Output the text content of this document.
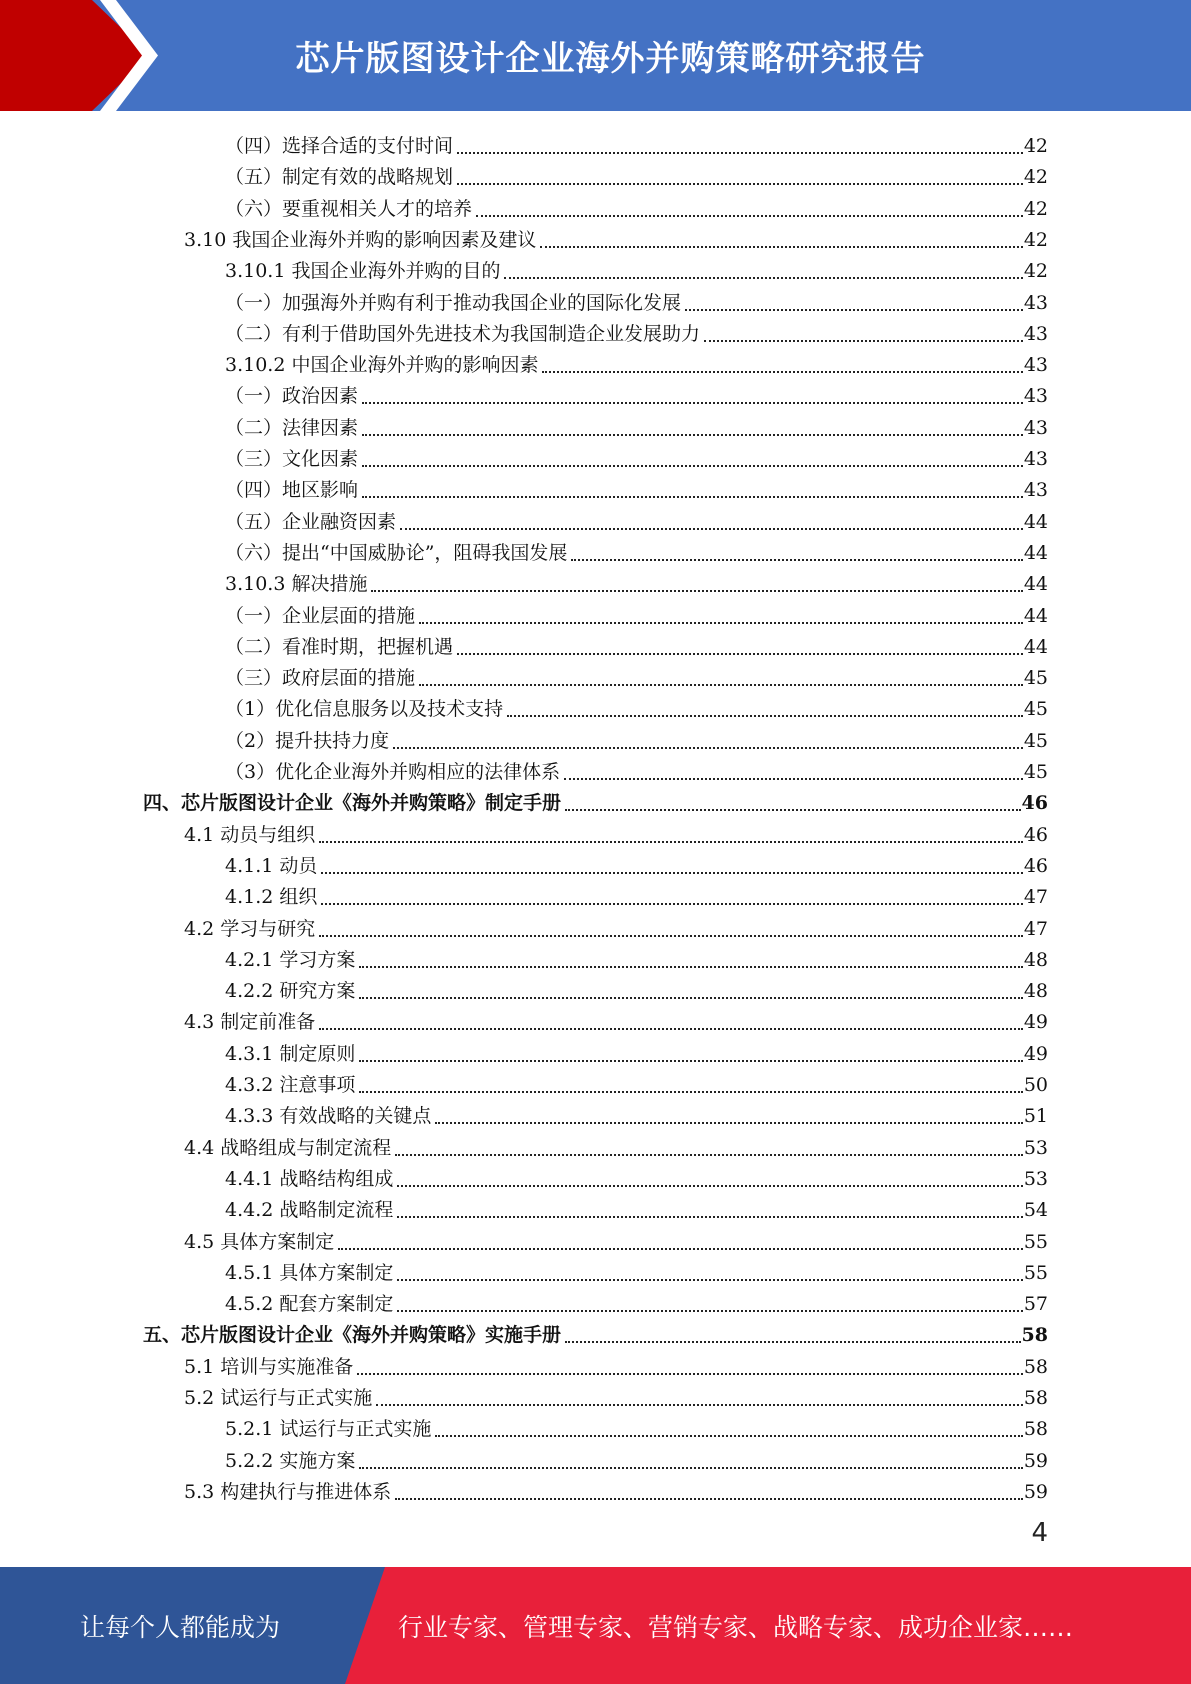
芯片版图设计企业海外并购策略研究报告
（四）选择合适的支付时间	42
（五）制定有效的战略规划	42
（六）要重视相关人才的培养	42
3.10 我国企业海外并购的影响因素及建议	42
3.10.1 我国企业海外并购的目的	42
（一）加强海外并购有利于推动我国企业的国际化发展	43
（二）有利于借助国外先进技术为我国制造企业发展助力	43
3.10.2 中国企业海外并购的影响因素	43
（一）政治因素	43
（二）法律因素	43
（三）文化因素	43
（四）地区影响	43
（五）企业融资因素	44
（六）提出“中国威胁论”，阻碍我国发展	44
3.10.3 解决措施	44
（一）企业层面的措施	44
（二）看准时期，把握机遇	44
（三）政府层面的措施	45
（1）优化信息服务以及技术支持	45
（2）提升扶持力度	45
（3）优化企业海外并购相应的法律体系	45
四、芯片版图设计企业《海外并购策略》制定手册	46
4.1 动员与组织	46
4.1.1 动员	46
4.1.2 组织	47
4.2 学习与研究	47
4.2.1 学习方案	48
4.2.2 研究方案	48
4.3 制定前准备	49
4.3.1 制定原则	49
4.3.2 注意事项	50
4.3.3 有效战略的关键点	51
4.4 战略组成与制定流程	53
4.4.1 战略结构组成	53
4.4.2 战略制定流程	54
4.5 具体方案制定	55
4.5.1 具体方案制定	55
4.5.2 配套方案制定	57
五、芯片版图设计企业《海外并购策略》实施手册	58
5.1 培训与实施准备	58
5.2 试运行与正式实施	58
5.2.1 试运行与正式实施	58
5.2.2 实施方案	59
5.3 构建执行与推进体系	59
4
让每个人都能成为	行业专家、管理专家、营销专家、战略专家、成功企业家……
